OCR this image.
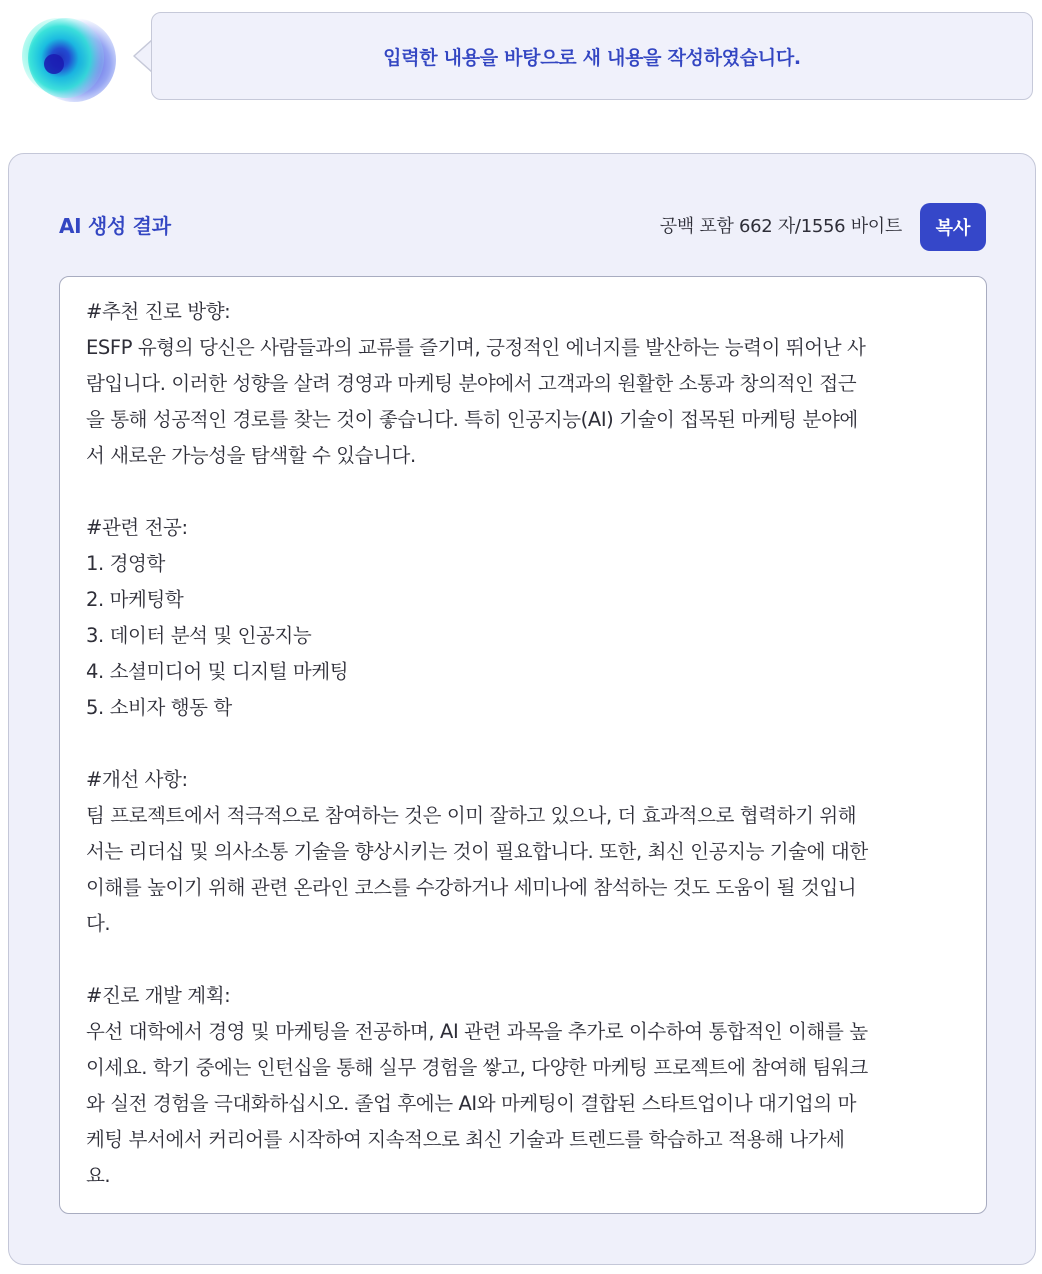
입력한 내용을 바탕으로 새 내용을 작성하였습니다.
AI 생성 결과	공백 포함 662 자/1556 바이트	복사

#추천 진로 방향:

ESFP 유형의 당신은 사람들과의 교류를 즐기며, 긍정적인 에너지를 발산하는 능력이 뛰어난 사

람입니다. 이러한 성향을 살려 경영과 마케팅 분야에서 고객과의 원활한 소통과 창의적인 접근

을 통해 성공적인 경로를 찾는 것이 좋습니다. 특히 인공지능(AI) 기술이 접목된 마케팅 분야에

서 새로운 가능성을 탐색할 수 있습니다.

#관련 전공:

1. 경영학

2. 마케팅학

3. 데이터 분석 및 인공지능

4. 소셜미디어 및 디지털 마케팅

5. 소비자 행동 학

#개선 사항:

팀 프로젝트에서 적극적으로 참여하는 것은 이미 잘하고 있으나, 더 효과적으로 협력하기 위해

서는 리더십 및 의사소통 기술을 향상시키는 것이 필요합니다. 또한, 최신 인공지능 기술에 대한

이해를 높이기 위해 관련 온라인 코스를 수강하거나 세미나에 참석하는 것도 도움이 될 것입니

다.

#진로 개발 계획:

우선 대학에서 경영 및 마케팅을 전공하며, AI 관련 과목을 추가로 이수하여 통합적인 이해를 높

이세요. 학기 중에는 인턴십을 통해 실무 경험을 쌓고, 다양한 마케팅 프로젝트에 참여해 팀워크

와 실전 경험을 극대화하십시오. 졸업 후에는 AI와 마케팅이 결합된 스타트업이나 대기업의 마

케팅 부서에서 커리어를 시작하여 지속적으로 최신 기술과 트렌드를 학습하고 적용해 나가세

요.
